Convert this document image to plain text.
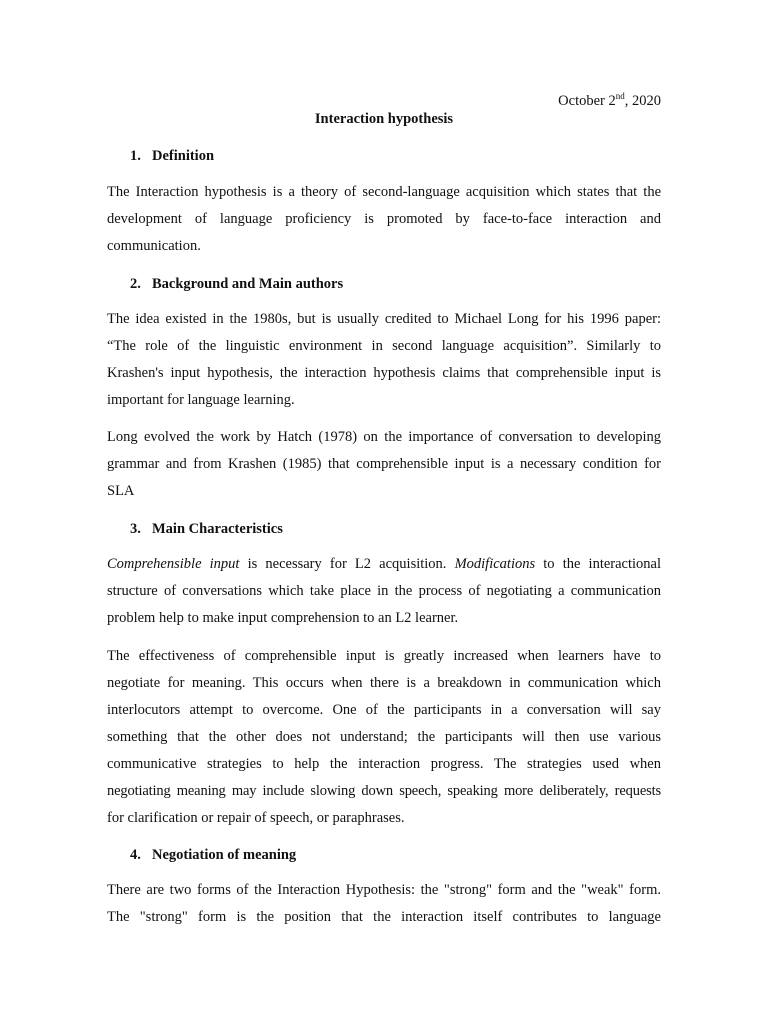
October 2nd, 2020
Interaction hypothesis
1. Definition
The Interaction hypothesis is a theory of second-language acquisition which states that the
development of language proficiency is promoted by face-to-face interaction and
communication.
2. Background and Main authors
The idea existed in the 1980s, but is usually credited to Michael Long for his 1996 paper:
“The role of the linguistic environment in second language acquisition”. Similarly to
Krashen's input hypothesis, the interaction hypothesis claims that comprehensible input is
important for language learning.
Long evolved the work by Hatch (1978) on the importance of conversation to developing
grammar and from Krashen (1985) that comprehensible input is a necessary condition for
SLA
3. Main Characteristics
Comprehensible input is necessary for L2 acquisition. Modifications to the interactional
structure of conversations which take place in the process of negotiating a communication
problem help to make input comprehension to an L2 learner.
The effectiveness of comprehensible input is greatly increased when learners have to
negotiate for meaning. This occurs when there is a breakdown in communication which
interlocutors attempt to overcome. One of the participants in a conversation will say
something that the other does not understand; the participants will then use various
communicative strategies to help the interaction progress. The strategies used when
negotiating meaning may include slowing down speech, speaking more deliberately, requests
for clarification or repair of speech, or paraphrases.
4. Negotiation of meaning
There are two forms of the Interaction Hypothesis: the "strong" form and the "weak" form.
The "strong" form is the position that the interaction itself contributes to language
